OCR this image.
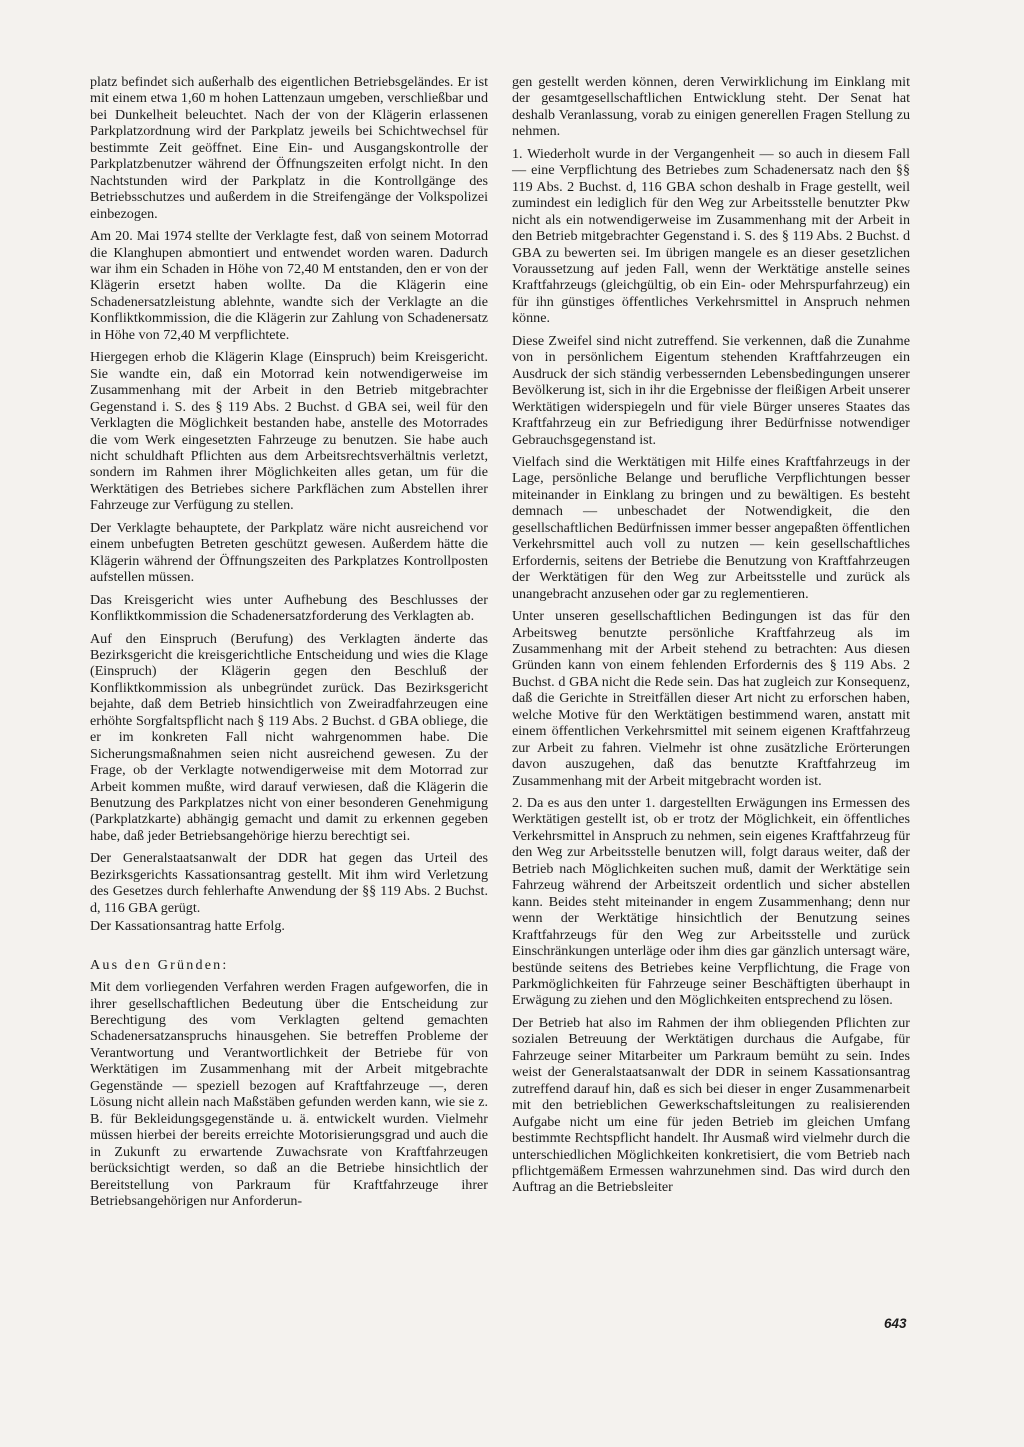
platz befindet sich außerhalb des eigentlichen Betriebsgeländes. Er ist mit einem etwa 1,60 m hohen Lattenzaun umgeben, verschließbar und bei Dunkelheit beleuchtet. Nach der von der Klägerin erlassenen Parkplatzordnung wird der Parkplatz jeweils bei Schichtwechsel für bestimmte Zeit geöffnet. Eine Ein- und Ausgangskontrolle der Parkplatzbenutzer während der Öffnungszeiten erfolgt nicht. In den Nachtstunden wird der Parkplatz in die Kontrollgänge des Betriebsschutzes und außerdem in die Streifengänge der Volkspolizei einbezogen.

Am 20. Mai 1974 stellte der Verklagte fest, daß von seinem Motorrad die Klanghupen abmontiert und entwendet worden waren. Dadurch war ihm ein Schaden in Höhe von 72,40 M entstanden, den er von der Klägerin ersetzt haben wollte. Da die Klägerin eine Schadenersatzleistung ablehnte, wandte sich der Verklagte an die Konfliktkommission, die die Klägerin zur Zahlung von Schadenersatz in Höhe von 72,40 M verpflichtete.

Hiergegen erhob die Klägerin Klage (Einspruch) beim Kreisgericht. Sie wandte ein, daß ein Motorrad kein notwendigerweise im Zusammenhang mit der Arbeit in den Betrieb mitgebrachter Gegenstand i. S. des § 119 Abs. 2 Buchst. d GBA sei, weil für den Verklagten die Möglichkeit bestanden habe, anstelle des Motorrades die vom Werk eingesetzten Fahrzeuge zu benutzen. Sie habe auch nicht schuldhaft Pflichten aus dem Arbeitsrechtsverhältnis verletzt, sondern im Rahmen ihrer Möglichkeiten alles getan, um für die Werktätigen des Betriebes sichere Parkflächen zum Abstellen ihrer Fahrzeuge zur Verfügung zu stellen.

Der Verklagte behauptete, der Parkplatz wäre nicht ausreichend vor einem unbefugten Betreten geschützt gewesen. Außerdem hätte die Klägerin während der Öffnungszeiten des Parkplatzes Kontrollposten aufstellen müssen.

Das Kreisgericht wies unter Aufhebung des Beschlusses der Konfliktkommission die Schadenersatzforderung des Verklagten ab.

Auf den Einspruch (Berufung) des Verklagten änderte das Bezirksgericht die kreisgerichtliche Entscheidung und wies die Klage (Einspruch) der Klägerin gegen den Beschluß der Konfliktkommission als unbegründet zurück. Das Bezirksgericht bejahte, daß dem Betrieb hinsichtlich von Zweiradfahrzeugen eine erhöhte Sorgfaltspflicht nach § 119 Abs. 2 Buchst. d GBA obliege, die er im konkreten Fall nicht wahrgenommen habe. Die Sicherungsmaßnahmen seien nicht ausreichend gewesen. Zu der Frage, ob der Verklagte notwendigerweise mit dem Motorrad zur Arbeit kommen mußte, wird darauf verwiesen, daß die Klägerin die Benutzung des Parkplatzes nicht von einer besonderen Genehmigung (Parkplatzkarte) abhängig gemacht und damit zu erkennen gegeben habe, daß jeder Betriebsangehörige hierzu berechtigt sei.

Der Generalstaatsanwalt der DDR hat gegen das Urteil des Bezirksgerichts Kassationsantrag gestellt. Mit ihm wird Verletzung des Gesetzes durch fehlerhafte Anwendung der §§ 119 Abs. 2 Buchst. d, 116 GBA gerügt.

Der Kassationsantrag hatte Erfolg.

Aus den Gründen:

Mit dem vorliegenden Verfahren werden Fragen aufgeworfen, die in ihrer gesellschaftlichen Bedeutung über die Entscheidung zur Berechtigung des vom Verklagten geltend gemachten Schadenersatzanspruchs hinausgehen. Sie betreffen Probleme der Verantwortung und Verantwortlichkeit der Betriebe für von Werktätigen im Zusammenhang mit der Arbeit mitgebrachte Gegenstände — speziell bezogen auf Kraftfahrzeuge —, deren Lösung nicht allein nach Maßstäben gefunden werden kann, wie sie z. B. für Bekleidungsgegenstände u. ä. entwickelt wurden. Vielmehr müssen hierbei der bereits erreichte Motorisierungsgrad und auch die in Zukunft zu erwartende Zuwachsrate von Kraftfahrzeugen berücksichtigt werden, so daß an die Betriebe hinsichtlich der Bereitstellung von Parkraum für Kraftfahrzeuge ihrer Betriebsangehörigen nur Anforderun-

gen gestellt werden können, deren Verwirklichung im Einklang mit der gesamtgesellschaftlichen Entwicklung steht. Der Senat hat deshalb Veranlassung, vorab zu einigen generellen Fragen Stellung zu nehmen.

1. Wiederholt wurde in der Vergangenheit — so auch in diesem Fall — eine Verpflichtung des Betriebes zum Schadenersatz nach den §§ 119 Abs. 2 Buchst. d, 116 GBA schon deshalb in Frage gestellt, weil zumindest ein lediglich für den Weg zur Arbeitsstelle benutzter Pkw nicht als ein notwendigerweise im Zusammenhang mit der Arbeit in den Betrieb mitgebrachter Gegenstand i. S. des § 119 Abs. 2 Buchst. d GBA zu bewerten sei. Im übrigen mangele es an dieser gesetzlichen Voraussetzung auf jeden Fall, wenn der Werktätige anstelle seines Kraftfahrzeugs (gleichgültig, ob ein Ein- oder Mehrspurfahrzeug) ein für ihn günstiges öffentliches Verkehrsmittel in Anspruch nehmen könne.

Diese Zweifel sind nicht zutreffend. Sie verkennen, daß die Zunahme von in persönlichem Eigentum stehenden Kraftfahrzeugen ein Ausdruck der sich ständig verbessernden Lebensbedingungen unserer Bevölkerung ist, sich in ihr die Ergebnisse der fleißigen Arbeit unserer Werktätigen widerspiegeln und für viele Bürger unseres Staates das Kraftfahrzeug ein zur Befriedigung ihrer Bedürfnisse notwendiger Gebrauchsgegenstand ist.

Vielfach sind die Werktätigen mit Hilfe eines Kraftfahrzeugs in der Lage, persönliche Belange und berufliche Verpflichtungen besser miteinander in Einklang zu bringen und zu bewältigen. Es besteht demnach — unbeschadet der Notwendigkeit, die den gesellschaftlichen Bedürfnissen immer besser angepaßten öffentlichen Verkehrsmittel auch voll zu nutzen — kein gesellschaftliches Erfordernis, seitens der Betriebe die Benutzung von Kraftfahrzeugen der Werktätigen für den Weg zur Arbeitsstelle und zurück als unangebracht anzusehen oder gar zu reglementieren.

Unter unseren gesellschaftlichen Bedingungen ist das für den Arbeitsweg benutzte persönliche Kraftfahrzeug als im Zusammenhang mit der Arbeit stehend zu betrachten: Aus diesen Gründen kann von einem fehlenden Erfordernis des § 119 Abs. 2 Buchst. d GBA nicht die Rede sein. Das hat zugleich zur Konsequenz, daß die Gerichte in Streitfällen dieser Art nicht zu erforschen haben, welche Motive für den Werktätigen bestimmend waren, anstatt mit einem öffentlichen Verkehrsmittel mit seinem eigenen Kraftfahrzeug zur Arbeit zu fahren. Vielmehr ist ohne zusätzliche Erörterungen davon auszugehen, daß das benutzte Kraftfahrzeug im Zusammenhang mit der Arbeit mitgebracht worden ist.

2. Da es aus den unter 1. dargestellten Erwägungen ins Ermessen des Werktätigen gestellt ist, ob er trotz der Möglichkeit, ein öffentliches Verkehrsmittel in Anspruch zu nehmen, sein eigenes Kraftfahrzeug für den Weg zur Arbeitsstelle benutzen will, folgt daraus weiter, daß der Betrieb nach Möglichkeiten suchen muß, damit der Werktätige sein Fahrzeug während der Arbeitszeit ordentlich und sicher abstellen kann. Beides steht miteinander in engem Zusammenhang; denn nur wenn der Werktätige hinsichtlich der Benutzung seines Kraftfahrzeugs für den Weg zur Arbeitsstelle und zurück Einschränkungen unterläge oder ihm dies gar gänzlich untersagt wäre, bestünde seitens des Betriebes keine Verpflichtung, die Frage von Parkmöglichkeiten für Fahrzeuge seiner Beschäftigten überhaupt in Erwägung zu ziehen und den Möglichkeiten entsprechend zu lösen.

Der Betrieb hat also im Rahmen der ihm obliegenden Pflichten zur sozialen Betreuung der Werktätigen durchaus die Aufgabe, für Fahrzeuge seiner Mitarbeiter um Parkraum bemüht zu sein. Indes weist der Generalstaatsanwalt der DDR in seinem Kassationsantrag zutreffend darauf hin, daß es sich bei dieser in enger Zusammenarbeit mit den betrieblichen Gewerkschaftsleitungen zu realisierenden Aufgabe nicht um eine für jeden Betrieb im gleichen Umfang bestimmte Rechtspflicht handelt. Ihr Ausmaß wird vielmehr durch die unterschiedlichen Möglichkeiten konkretisiert, die vom Betrieb nach pflichtgemäßem Ermessen wahrzunehmen sind. Das wird durch den Auftrag an die Betriebsleiter

643
